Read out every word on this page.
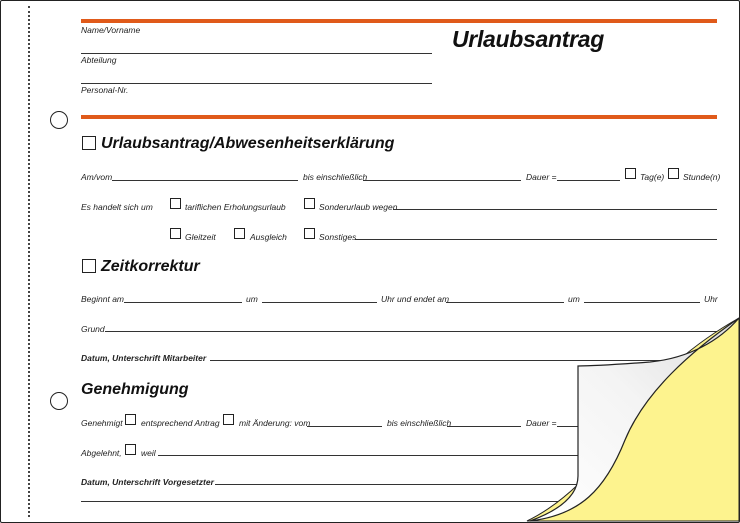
Urlaubsantrag
Name/Vorname
Abteilung
Personal-Nr.
Urlaubsantrag/Abwesenheitserklärung
Am/vom	bis einschließlich	Dauer =	Tag(e) Stunde(n)
Es handelt sich um	tariflichen Erholungsurlaub	Sonderurlaub wegen
Gleitzeit	Ausgleich	Sonstiges
Zeitkorrektur
Beginnt am	um	Uhr und endet am	um	Uhr
Grund
Datum, Unterschrift Mitarbeiter
Genehmigung
Genehmigt entsprechend Antrag mit Änderung: vom	bis einschließlich	Dauer =
Abgelehnt, weil
Datum, Unterschrift Vorgesetzter
